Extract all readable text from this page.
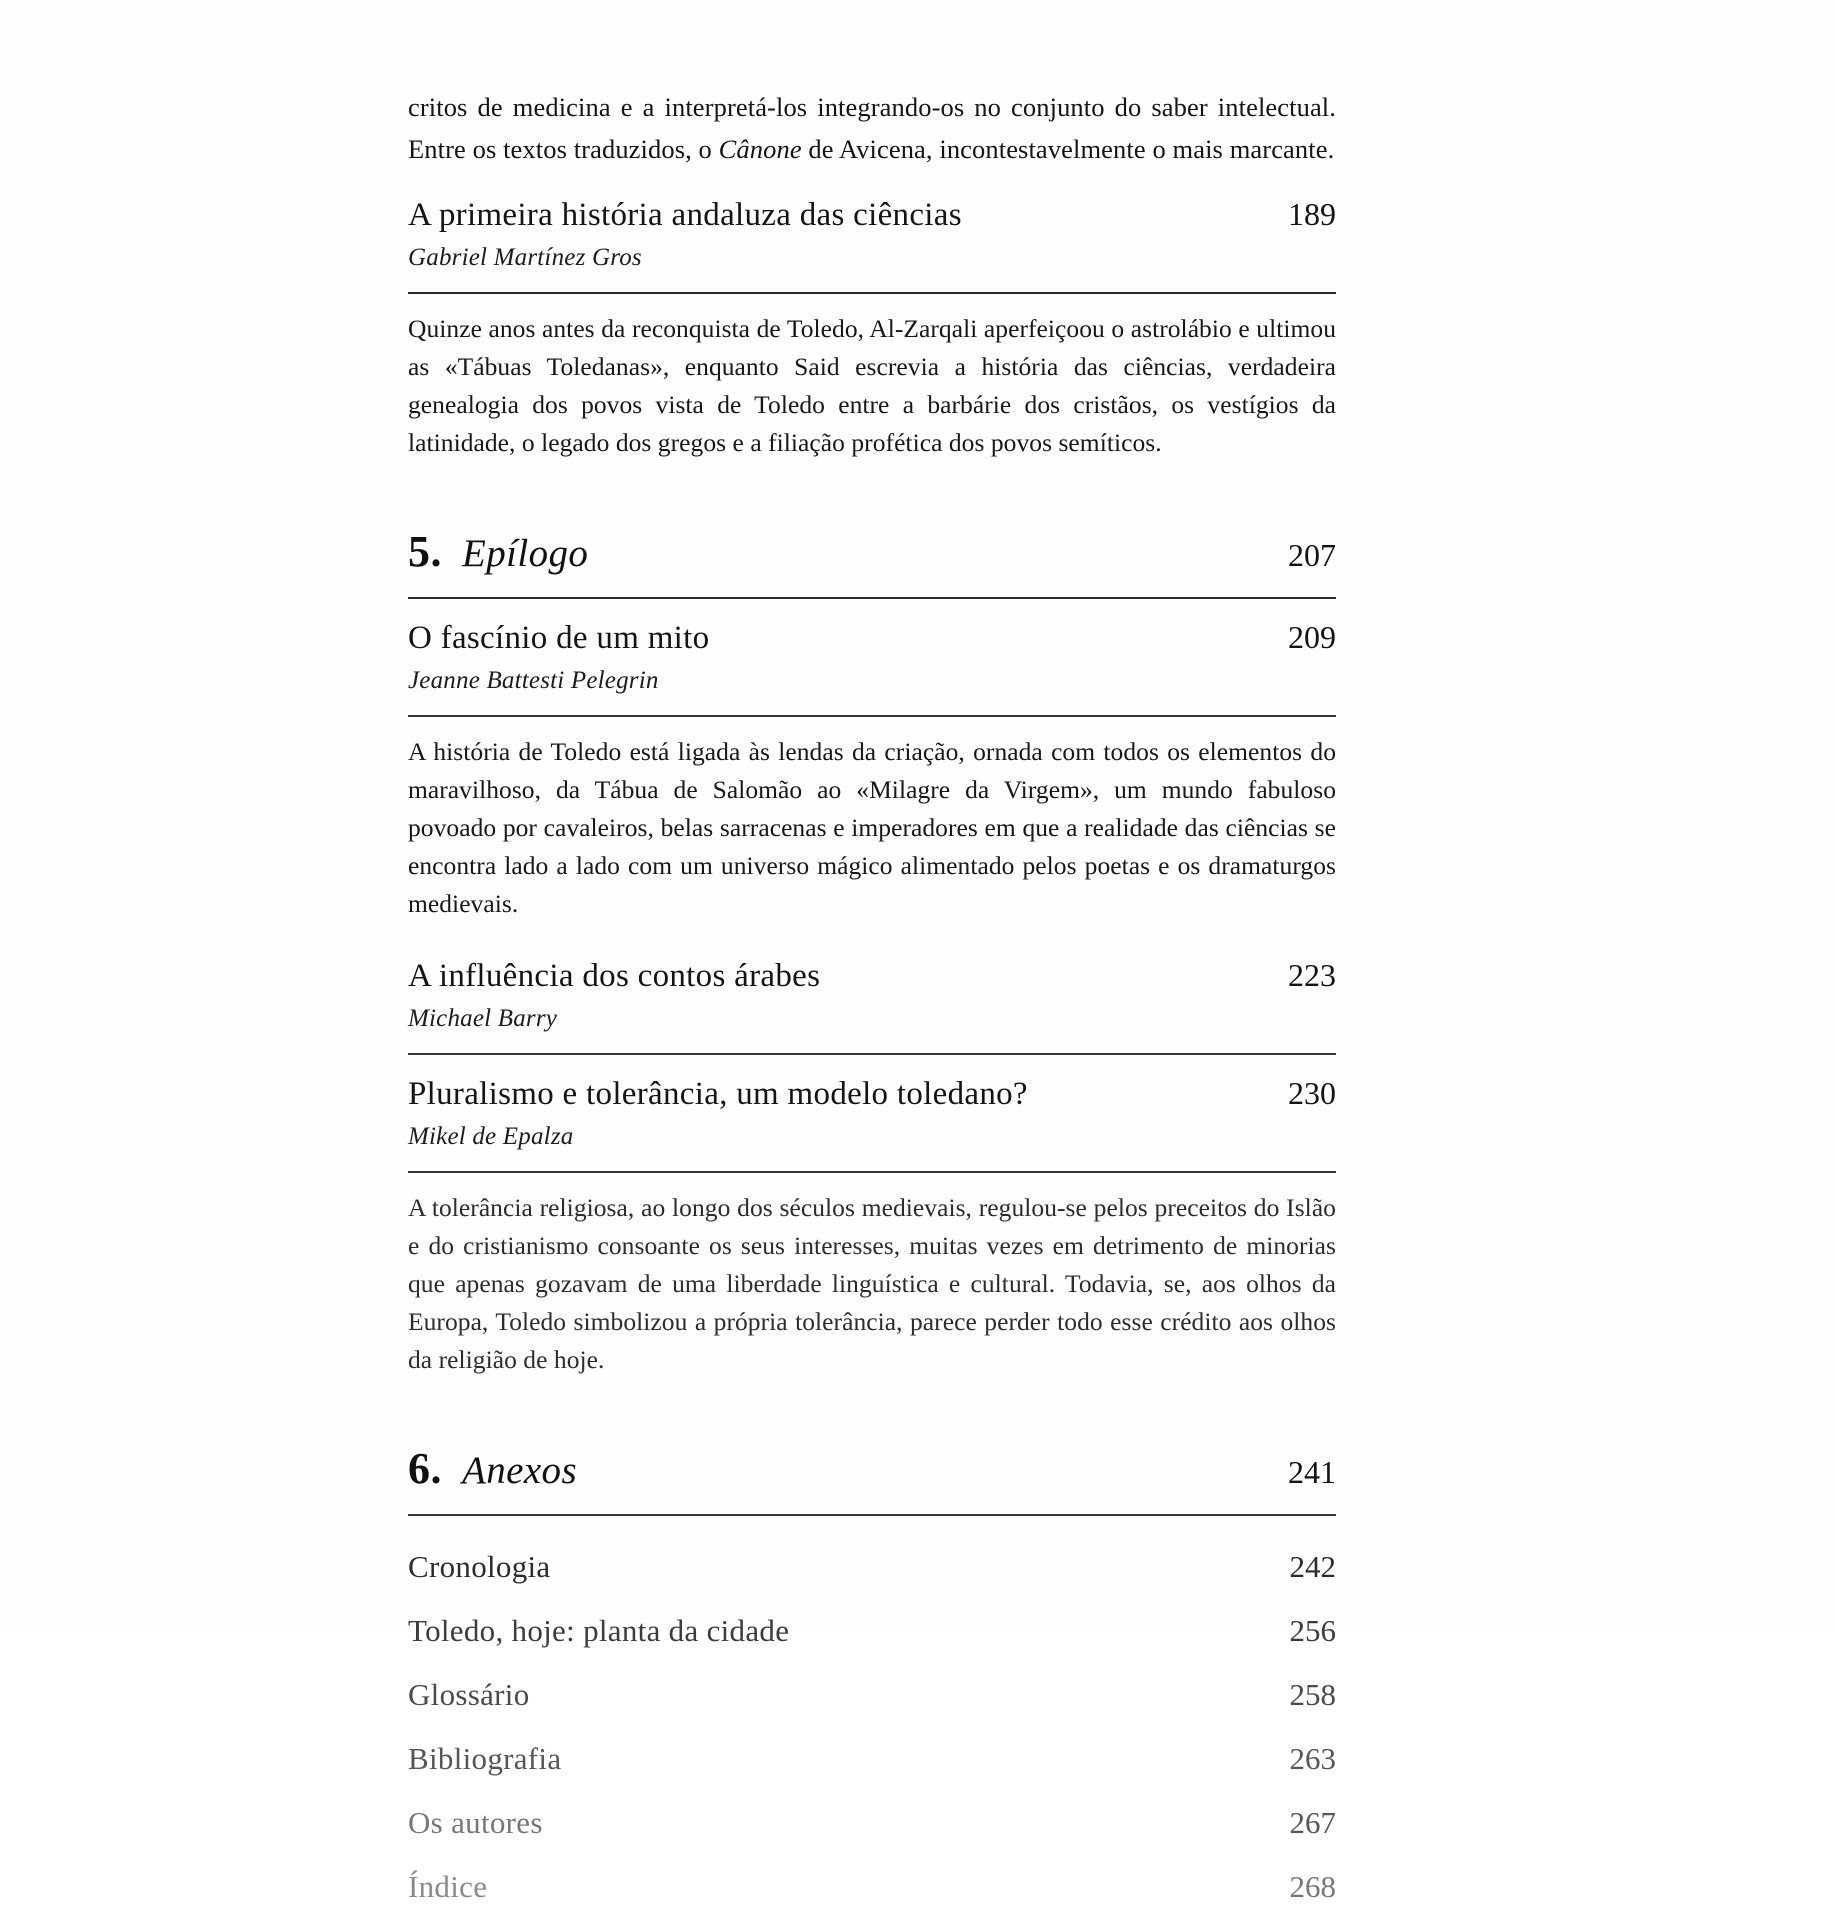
critos de medicina e a interpretá-los integrando-os no conjunto do saber intelectual. Entre os textos traduzidos, o Cânone de Avicena, incontestavelmente o mais marcante.

A primeira história andaluza das ciências	189
Gabriel Martínez Gros

Quinze anos antes da reconquista de Toledo, Al-Zarqali aperfeiçoou o astrolábio e ultimou as «Tábuas Toledanas», enquanto Said escrevia a história das ciências, verdadeira genealogia dos povos vista de Toledo entre a barbárie dos cristãos, os vestígios da latinidade, o legado dos gregos e a filiação profética dos povos semíticos.

5. Epílogo	207
O fascínio de um mito	209
Jeanne Battesti Pelegrin

A história de Toledo está ligada às lendas da criação, ornada com todos os elementos do maravilhoso, da Tábua de Salomão ao «Milagre da Virgem», um mundo fabuloso povoado por cavaleiros, belas sarracenas e imperadores em que a realidade das ciências se encontra lado a lado com um universo mágico alimentado pelos poetas e os dramaturgos medievais.

A influência dos contos árabes	223
Michael Barry
Pluralismo e tolerância, um modelo toledano?	230
Mikel de Epalza

A tolerância religiosa, ao longo dos séculos medievais, regulou-se pelos preceitos do Islão e do cristianismo consoante os seus interesses, muitas vezes em detrimento de minorias que apenas gozavam de uma liberdade linguística e cultural. Todavia, se, aos olhos da Europa, Toledo simbolizou a própria tolerância, parece perder todo esse crédito aos olhos da religião de hoje.

6. Anexos	241
Cronologia	242
Toledo, hoje: planta da cidade	256
Glossário	258
Bibliografia	263
Os autores	267
Índice	268
